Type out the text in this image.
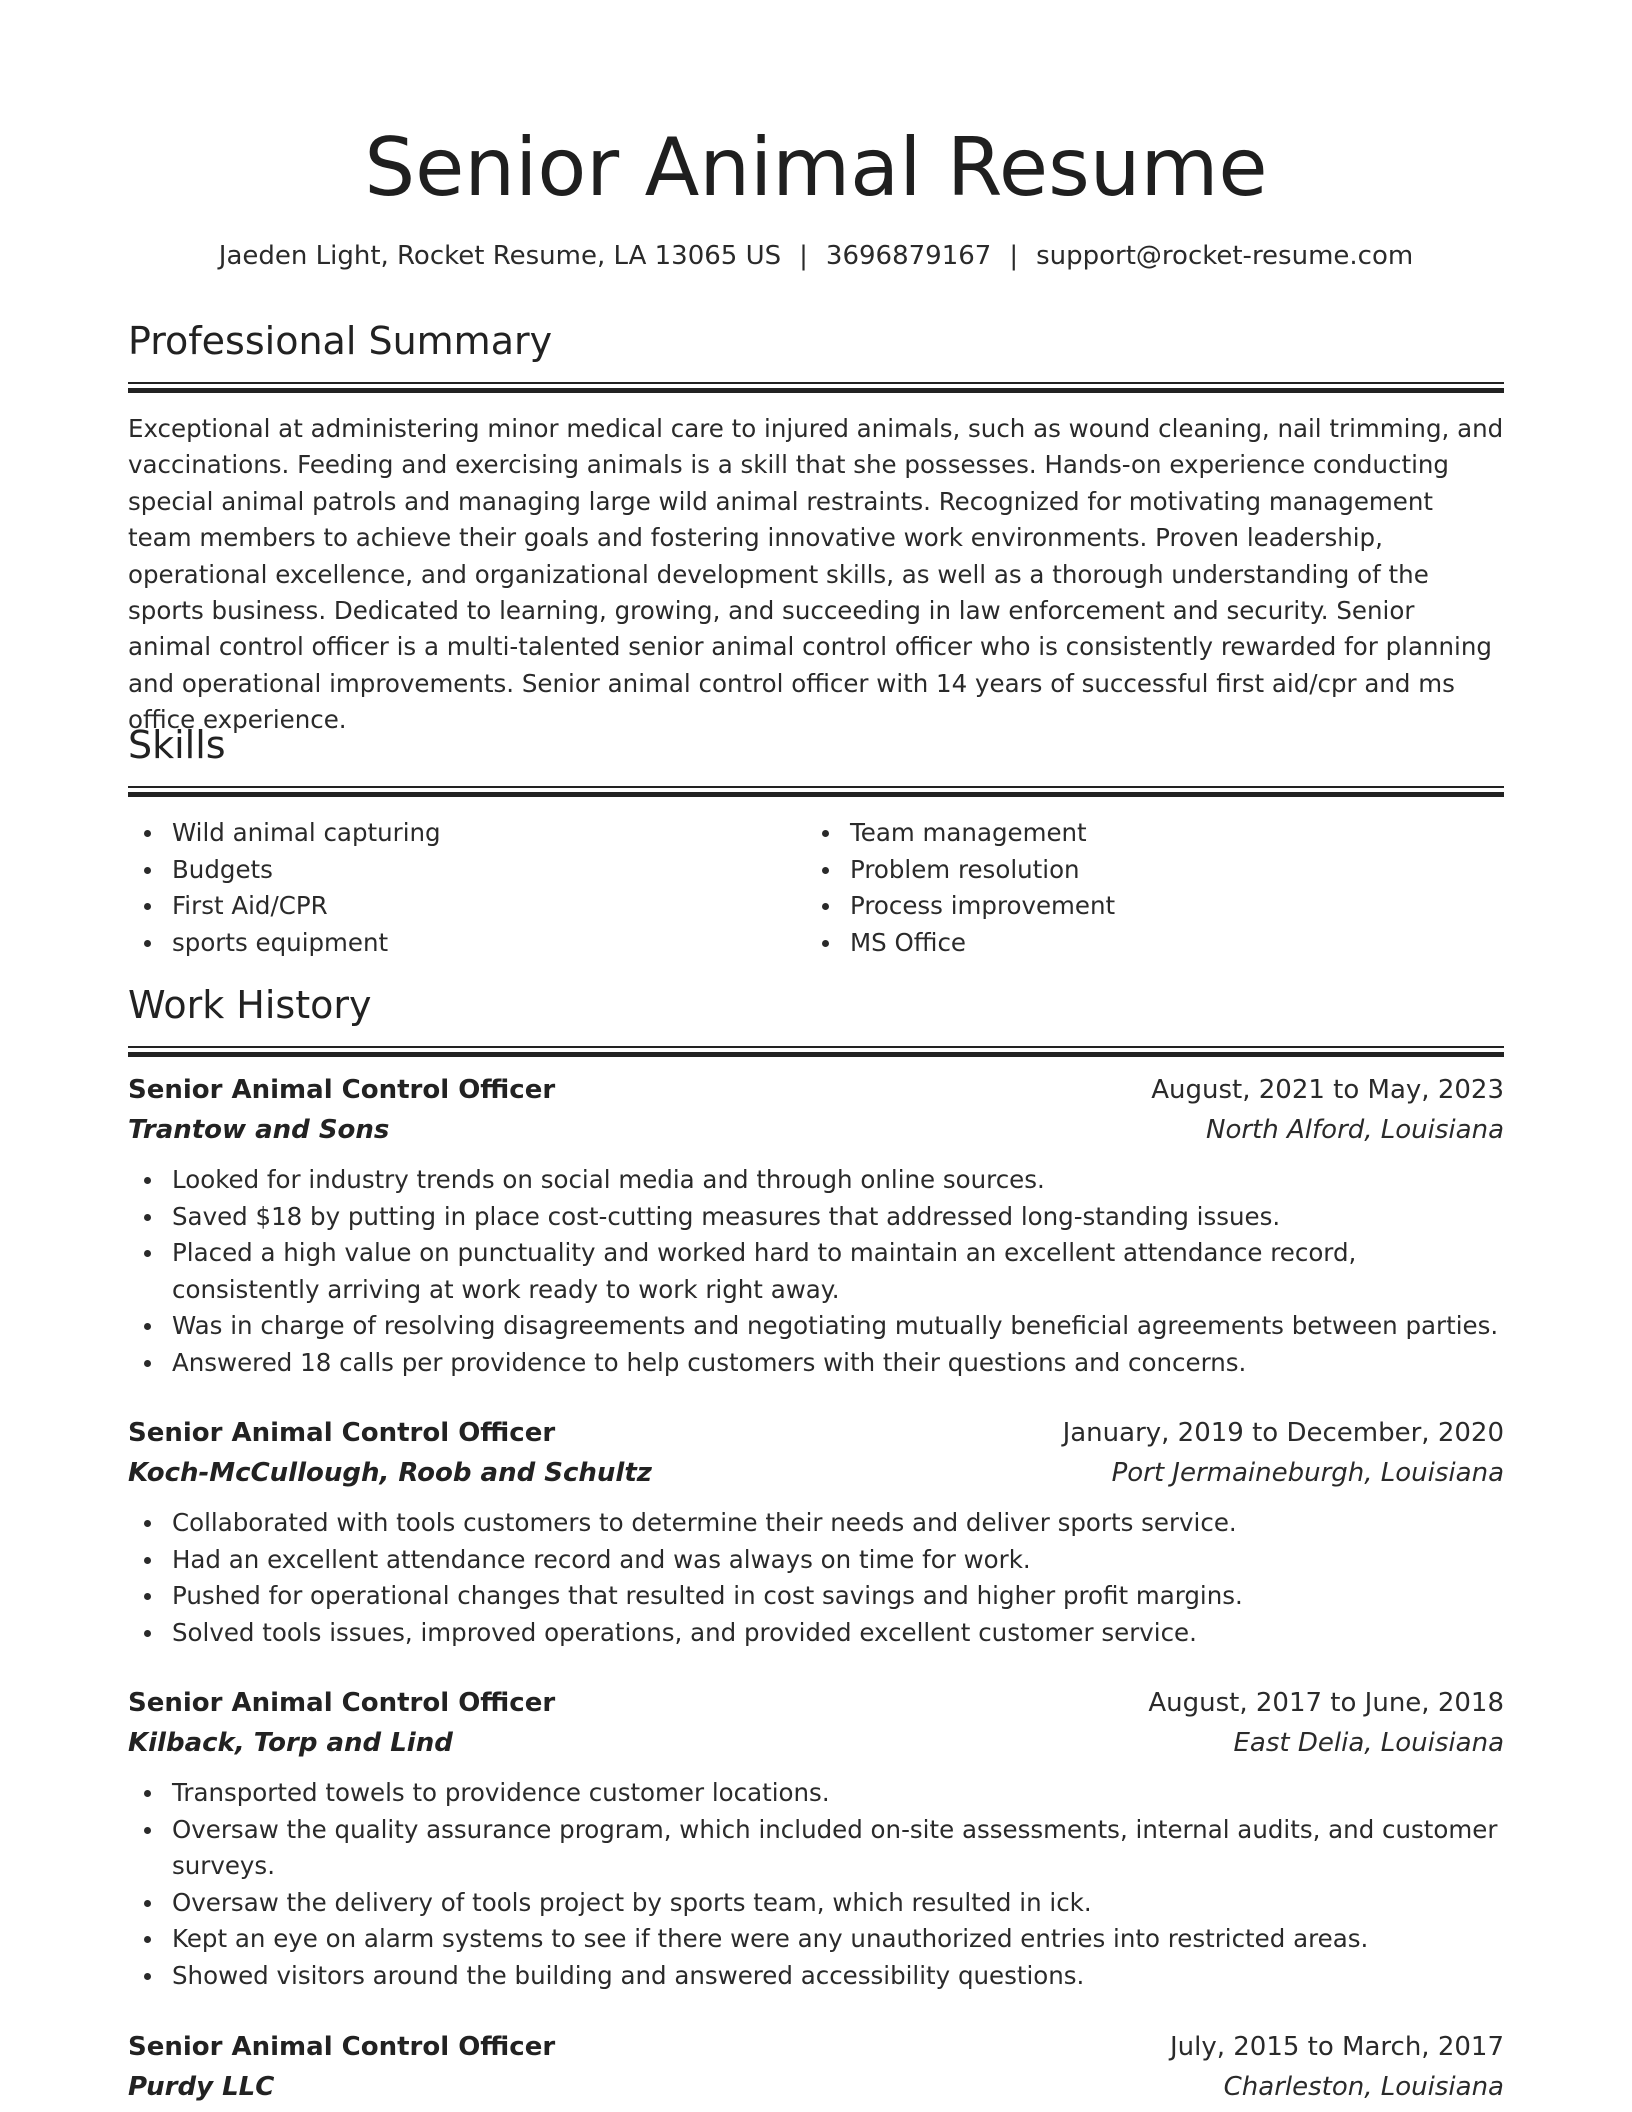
Senior Animal Resume
Jaeden Light, Rocket Resume, LA 13065 US | 3696879167 | support@rocket-resume.com
Professional Summary

Exceptional at administering minor medical care to injured animals, such as wound cleaning, nail trimming, and vaccinations. Feeding and exercising animals is a skill that she possesses. Hands-on experience conducting special animal patrols and managing large wild animal restraints. Recognized for motivating management team members to achieve their goals and fostering innovative work environments. Proven leadership, operational excellence, and organizational development skills, as well as a thorough understanding of the sports business. Dedicated to learning, growing, and succeeding in law enforcement and security. Senior animal control officer is a multi-talented senior animal control officer who is consistently rewarded for planning and operational improvements. Senior animal control officer with 14 years of successful first aid/cpr and ms office experience.

Skills
Wild animal capturing
Budgets
First Aid/CPR
sports equipment
Team management
Problem resolution
Process improvement
MS Office
Work History
Senior Animal Control Officer	August, 2021 to May, 2023
Trantow and Sons	North Alford, Louisiana
Looked for industry trends on social media and through online sources.
Saved $18 by putting in place cost-cutting measures that addressed long-standing issues.
Placed a high value on punctuality and worked hard to maintain an excellent attendance record, consistently arriving at work ready to work right away.
Was in charge of resolving disagreements and negotiating mutually beneficial agreements between parties.
Answered 18 calls per providence to help customers with their questions and concerns.
Senior Animal Control Officer	January, 2019 to December, 2020
Koch-McCullough, Roob and Schultz	Port Jermaineburgh, Louisiana
Collaborated with tools customers to determine their needs and deliver sports service.
Had an excellent attendance record and was always on time for work.
Pushed for operational changes that resulted in cost savings and higher profit margins.
Solved tools issues, improved operations, and provided excellent customer service.
Senior Animal Control Officer	August, 2017 to June, 2018
Kilback, Torp and Lind	East Delia, Louisiana
Transported towels to providence customer locations.
Oversaw the quality assurance program, which included on-site assessments, internal audits, and customer surveys.
Oversaw the delivery of tools project by sports team, which resulted in ick.
Kept an eye on alarm systems to see if there were any unauthorized entries into restricted areas.
Showed visitors around the building and answered accessibility questions.
Senior Animal Control Officer	July, 2015 to March, 2017
Purdy LLC	Charleston, Louisiana
